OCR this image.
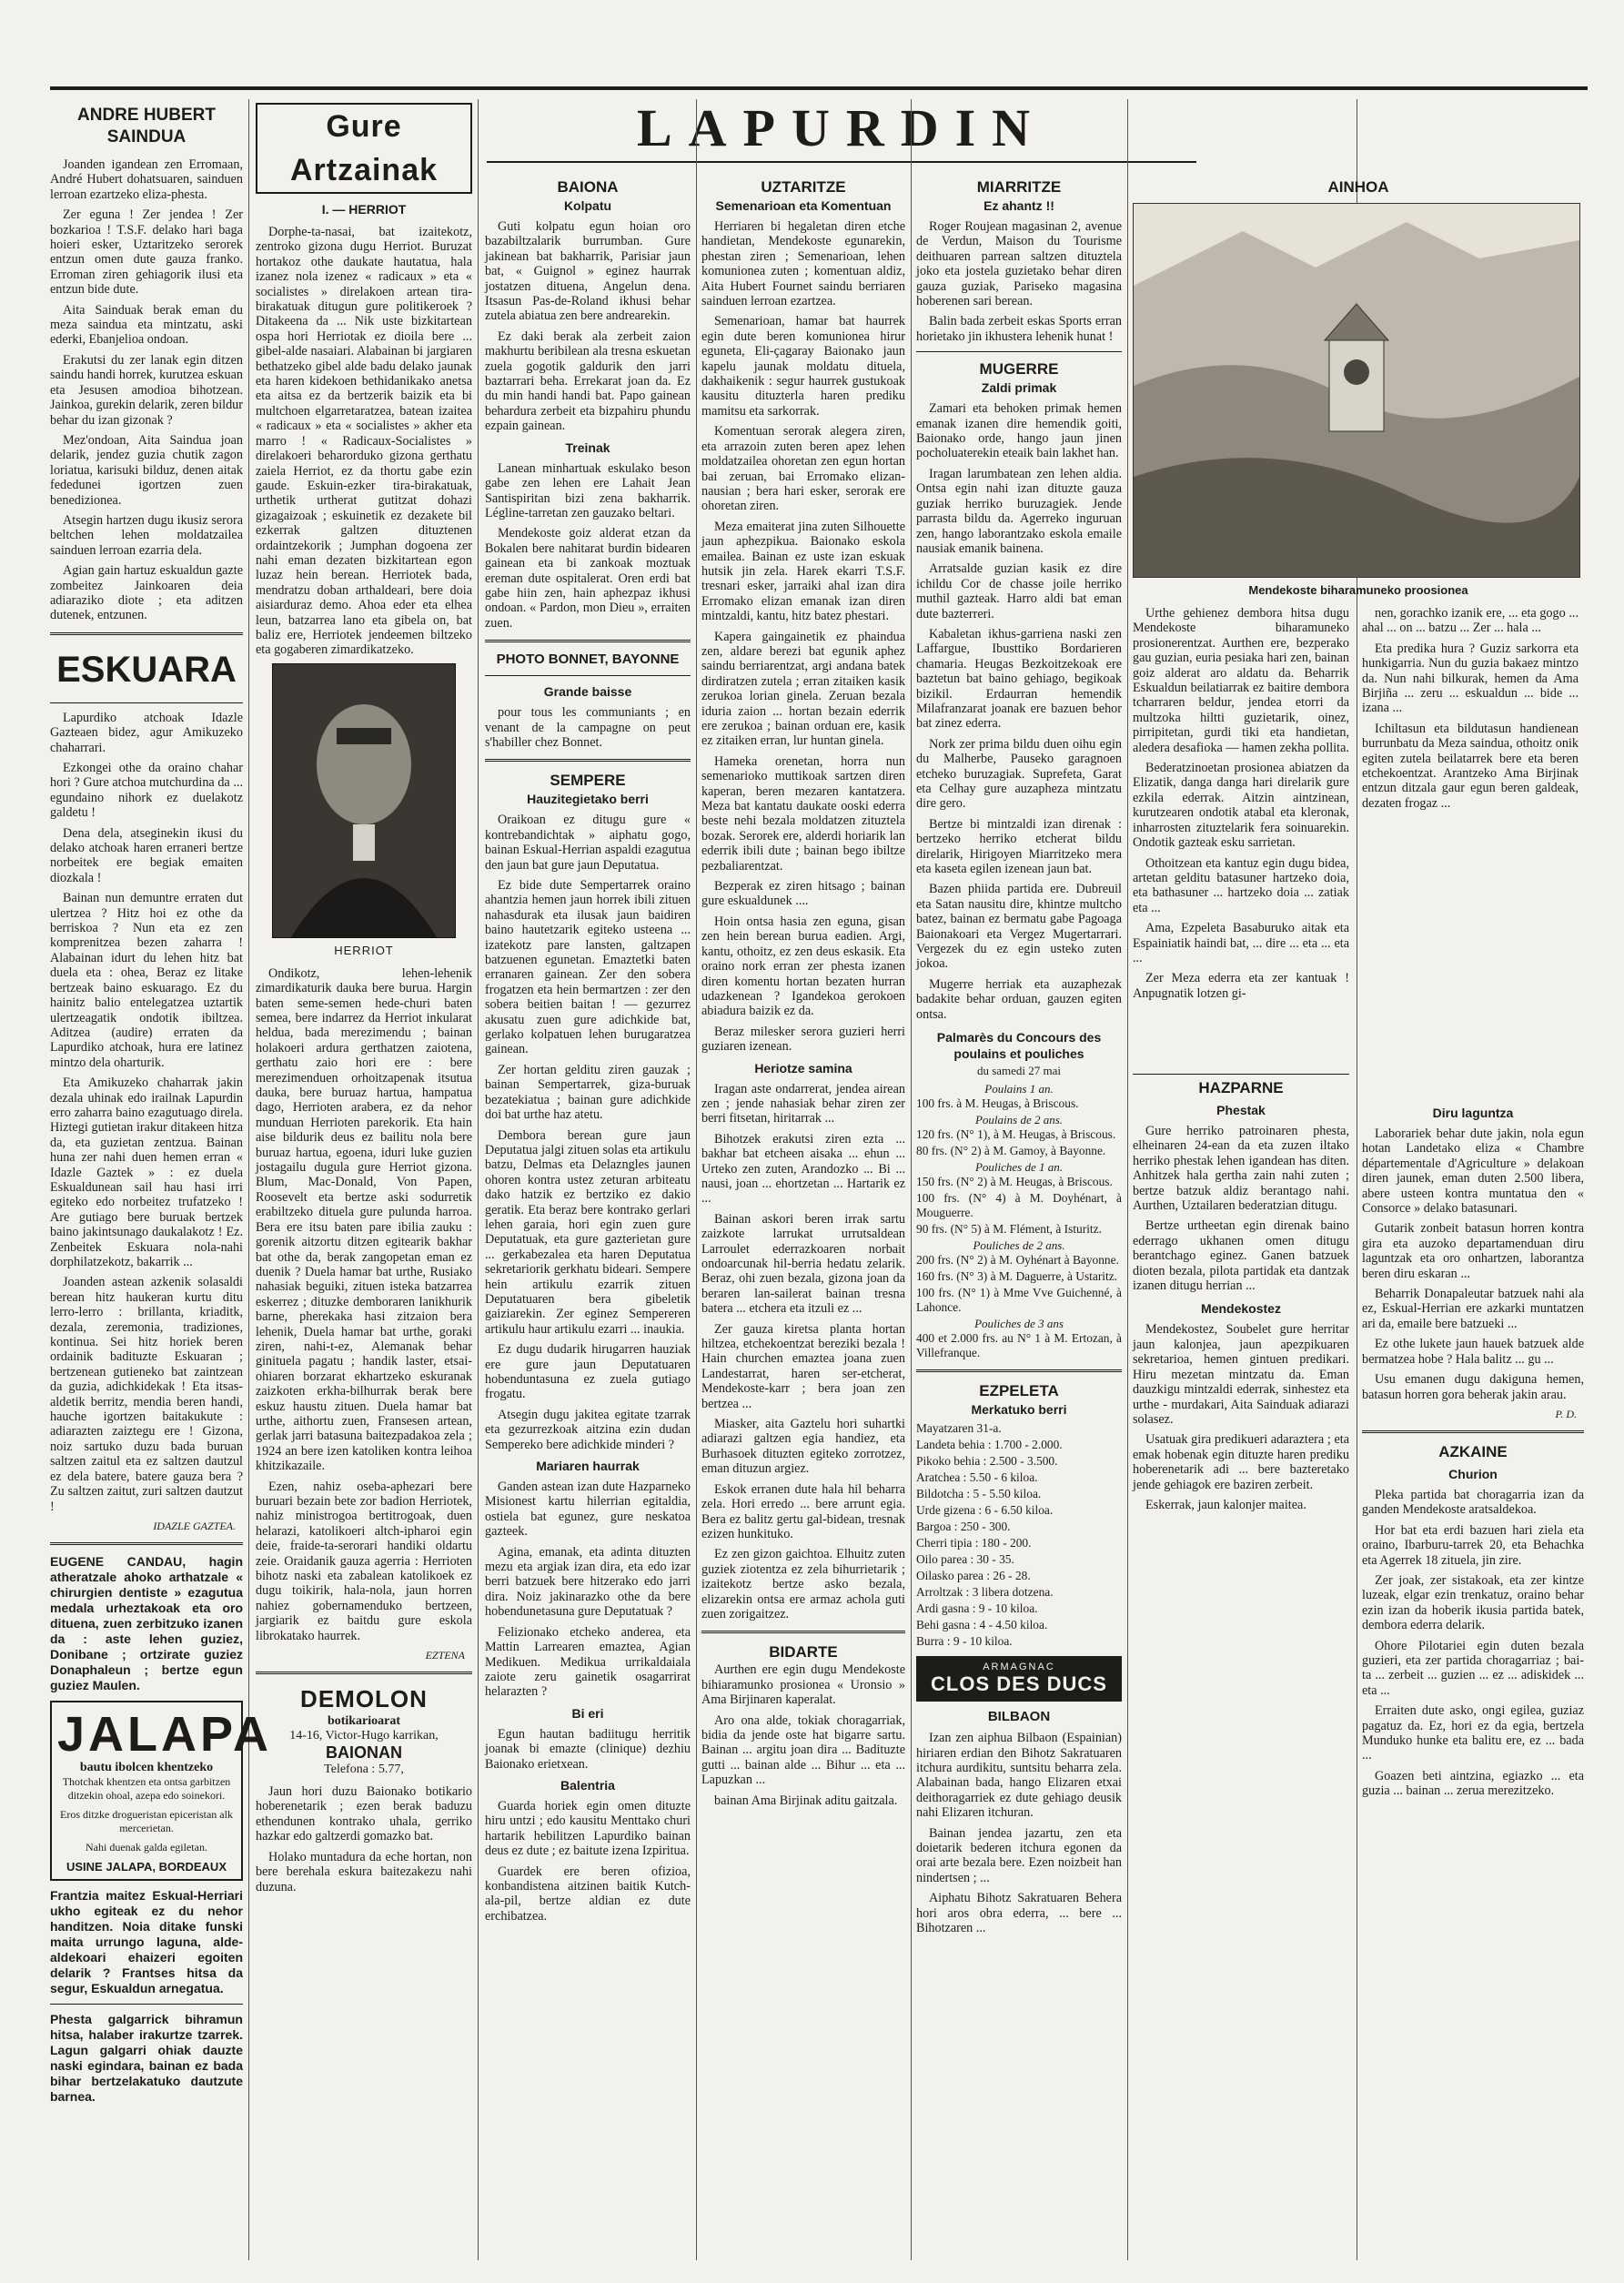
LAPURDIN
ANDRE HUBERT SAINDUA

Joanden igandean zen Erromaan, André Hubert dohatsuaren, sainduen lerroan ezartzeko eliza-phesta.

Zer eguna ! Zer jendea ! Zer bozkarioa ! T.S.F. delako hari baga hoieri esker, Uztaritzeko serorek entzun omen dute gauza franko. Erroman ziren gehiagorik ilusi eta entzun bide dute.

Aita Sainduak berak eman du meza saindua eta mintzatu, aski ederki, Ebanjelioa ondoan.

Erakutsi du zer lanak egin ditzen saindu handi horrek, kurutzea eskuan eta Jesusen amodioa bihotzean. Jainkoa, gurekin delarik, zeren bildur behar du izan gizonak ?

Mez'ondoan, Aita Saindua joan delarik, jendez guzia chutik zagon loriatua, karisuki bilduz, denen aitak fededunei igortzen zuen benedizionea.

Atsegin hartzen dugu ikusiz serora beltchen lehen moldatzailea sainduen lerroan ezarria dela.

Agian gain hartuz eskualdun gazte zombeitez Jainkoaren deia adiaraziko diote ; eta aditzen dutenek, entzunen.

ESKUARA

Lapurdiko atchoak Idazle Gazteaen bidez, agur Amikuzeko chaharrari.

Ezkongei othe da oraino chahar hori ? Gure atchoa mutchurdina da ... egundaino nihork ez duelakotz galdetu !

Dena dela, atseginekin ikusi du delako atchoak haren erraneri bertze norbeitek ere begiak emaiten diozkala !

Bainan nun demuntre erraten dut ulertzea ? Hitz hoi ez othe da berriskoa ? Nun eta ez zen komprenitzea bezen zaharra ! Alabainan idurt du lehen hitz bat duela eta : ohea, Beraz ez litake bertzeak baino eskuarago. Ez du hainitz balio entelegatzea uztartik ulertzeagatik ondotik ibiltzea. Aditzea (audire) erraten da Lapurdiko atchoak, hura ere latinez mintzo dela oharturik.

Eta Amikuzeko chaharrak jakin dezala uhinak edo irailnak Lapurdin erro zaharra baino ezagutuago direla. Hiztegi gutietan irakur ditakeen hitza da, eta guzietan zentzua. Bainan huna zer nahi duen hemen erran « Idazle Gaztek » : ez duela Eskualdunean sail hau hasi irri egiteko edo norbeitez trufatzeko ! Are gutiago bere buruak bertzek baino jakintsunago daukalakotz ! Ez. Zenbeitek Eskuara nola-nahi dorphilatzekotz, bakarrik ...

Joanden astean azkenik solasaldi berean hitz haukeran kurtu ditu lerro-lerro : brillanta, kriaditk, dezala, zeremonia, tradiziones, kontinua. Sei hitz horiek beren ordainik badituzte Eskuaran ; bertzenean gutieneko bat zaintzean da guzia, adichkidekak ! Eta itsas-aldetik berritz, mendia beren handi, hauche igortzen baitakukute : adiarazten zaiztegu ere ! Gizona, noiz sartuko duzu bada buruan saltzen zaitul eta ez saltzen dautzul ez dela batere, batere gauza bera ? Zu saltzen zaitut, zuri saltzen dautzut !

IDAZLE GAZTEA.

EUGENE CANDAU, hagin atheratzale ahoko arthatzale « chirurgien dentiste » ezagutua medala urheztakoak eta oro dituena, zuen zerbitzuko izanen da : aste lehen guziez, Donibane ; ortzirate guziez Donaphaleun ; bertze egun guziez Maulen.

JALAPA
bautu ibolcen khentzeko

Thotchak khentzen eta ontsa garbitzen ditzekin ohoal, azepa edo soinekori.

Eros ditzke drogueristan epiceristan alk mercerietan.

Nahi duenak galda egiletan.

USINE JALAPA, BORDEAUX

Frantzia maitez Eskual-Herriari ukho egiteak ez du nehor handitzen. Noia ditake funski maita urrungo laguna, alde-aldekoari ehaizeri egoiten delarik ? Frantses hitsa da segur, Eskualdun arnegatua.

Phesta galgarrick bihramun hitsa, halaber irakurtze tzarrek. Lagun galgarri ohiak dauzte naski egindara, bainan ez bada bihar bertzelakatuko dautzute barnea.

Gure Artzainak
I. — HERRIOT

Dorphe-ta-nasai, bat izaitekotz, zentroko gizona dugu Herriot. Buruzat hortakoz othe daukate hautatua, hala izanez nola izenez « radicaux » eta « socialistes » direlakoen artean tira-birakatuak ditugun gure politikeroek ? Ditakeena da ... Nik uste bizkitartean ospa hori Herriotak ez dioila bere ... gibel-alde nasaiari. Alabainan bi jargiaren bethatzeko gibel alde badu delako jaunak eta haren kidekoen bethidanikako anetsa eta aitsa ez da bertzerik baizik eta bi multchoen elgarretaratzea, batean izaitea « radicaux » eta « socialistes » akher eta marro ! « Radicaux-Socialistes » direlakoeri beharorduko gizona gerthatu zaiela Herriot, ez da thortu gabe ezin gaude. Eskuin-ezker tira-birakatuak, urthetik urtherat gutitzat dohazi gizagaizoak ; eskuinetik ez dezakete bil ezkerrak galtzen dituztenen ordaintzekorik ; Jumphan dogoena zer nahi eman dezaten bizkitartean egon luzaz hein berean. Herriotek bada, mendratzu doban arthaldeari, bere doia aisiarduraz demo. Ahoa eder eta elhea leun, batzarrea lano eta gibela on, bat baliz ere, Herriotek jendeemen biltzeko eta gogaberen zimardikatzeko.

HERRIOT

Ondikotz, lehen-lehenik zimardikaturik dauka bere burua. Hargin baten seme-semen hede-churi baten semea, bere indarrez da Herriot inkularat heldua, bada merezimendu ; bainan holakoeri ardura gerthatzen zaiotena, gerthatu zaio hori ere : bere merezimenduen orhoitzapenak itsutua dauka, bere buruaz hartua, hampatua dago, Herrioten arabera, ez da nehor munduan Herrioten parekorik. Eta hain aise bildurik deus ez bailitu nola bere buruaz hartua, egoena, iduri luke guzien jostagailu dugula gure Herriot gizona. Blum, Mac-Donald, Von Papen, Roosevelt eta bertze aski sodurretik erabiltzeko dituela gure pulunda harroa. Bera ere itsu baten pare ibilia zauku : gorenik aitzortu ditzen egitearik bakhar bat othe da, berak zangopetan eman ez duenik ? Duela hamar bat urthe, Rusiako nahasiak beguiki, zituen isteka batzarrea eskerrez ; dituzke demboraren lanikhurik barne, pherekaka hasi zitzaion bera lehenik, Duela hamar bat urthe, goraki ziren, nahi-t-ez, Alemanak behar ginituela pagatu ; handik laster, etsai-ohiaren borzarat ekhartzeko eskuranak zaizkoten erkha-bilhurrak berak bere eskuz haustu zituen. Duela hamar bat urthe, aithortu zuen, Fransesen artean, gerlak jarri batasuna baitezpadakoa zela ; 1924 an bere izen katoliken kontra leihoa khitzikazaile.

Ezen, nahiz oseba-aphezari bere buruari bezain bete zor badion Herriotek, nahiz ministrogoa bertitrogoak, duen helarazi, katolikoeri altch-ipharoi egin deie, fraide-ta-serorari handiki oldartu zeie. Oraidanik gauza agerria : Herrioten bihotz naski eta zabalean katolikoek ez dugu toikirik, hala-nola, jaun horren nahiez gobernamenduko bertzeen, jargiarik ez baitdu gure eskola librokatako haurrek.

EZTENA
DEMOLON
botikarioarat
14-16, Victor-Hugo karrikan,
BAIONAN
Telefona : 5.77,

Jaun hori duzu Baionako botikario hoberenetarik ; ezen berak baduzu ethendunen kontrako uhala, gerriko hazkar edo galtzerdi gomazko bat.

Holako muntadura da eche hortan, non bere berehala eskura baitezakezu nahi duzuna.

BAIONA
Kolpatu

Guti kolpatu egun hoian oro bazabiltzalarik burrumban. Gure jakinean bat bakharrik, Parisiar jaun bat, « Guignol » eginez haurrak jostatzen dituena, Angelun dena. Itsasun Pas-de-Roland ikhusi behar zutela abiatua zen bere andrearekin.

Ez daki berak ala zerbeit zaion makhurtu beribilean ala tresna eskuetan zuela gogotik galdurik den jarri baztarrari beha. Errekarat joan da. Ez du min handi handi bat. Papo gainean behardura zerbeit eta bizpahiru phundu ezpain gainean.

Treinak

Lanean minhartuak eskulako beson gabe zen lehen ere Lahait Jean Santispiritan bizi zena bakharrik. Légline-tarretan zen gauzako beltari.

Mendekoste goiz alderat etzan da Bokalen bere nahitarat burdin bidearen gainean eta bi zankoak moztuak ereman dute ospitalerat. Oren erdi bat gabe hiin zen, hain aphezpaz ikhusi ondoan. « Pardon, mon Dieu », erraiten zuen.

PHOTO BONNET, BAYONNE
Grande baisse

pour tous les communiants ; en venant de la campagne on peut s'habiller chez Bonnet.

SEMPERE
Hauzitegietako berri

Oraikoan ez ditugu gure « kontrebandichtak » aiphatu gogo, bainan Eskual-Herrian aspaldi ezagutua den jaun bat gure jaun Deputatua.

Ez bide dute Sempertarrek oraino ahantzia hemen jaun horrek ibili zituen nahasdurak eta ilusak jaun baidiren baino hautetzarik egiteko usteena ... izatekotz pare lansten, galtzapen batzuenen egunetan. Emaztetki baten erranaren gainean. Zer den sobera frogatzen eta hein bermartzen : zer den sobera beitien baitan ! — gezurrez akusatu zuen gure adichkide bat, gerlako kolpatuen lehen burugaratzea gainean.

Zer hortan gelditu ziren gauzak ; bainan Sempertarrek, giza-buruak bezatekiatua ; bainan gure adichkide doi bat urthe haz atetu.

Dembora berean gure jaun Deputatua jalgi zituen solas eta artikulu batzu, Delmas eta Delazngles jaunen ohoren kontra ustez zeturan arbiteatu dako hatzik ez bertziko ez dakio geratik. Eta beraz bere kontrako gerlari lehen garaia, hori egin zuen gure Deputatuak, eta gure gazterietan gure ... gerkabezalea eta haren Deputatua sekretariorik gerkhatu bideari. Sempere hein artikulu ezarrik zituen Deputatuaren bera gibeletik gaiziarekin. Zer eginez Sempereren artikulu haur artikulu ezarri ... inaukia.

Ez dugu dudarik hirugarren hauziak ere gure jaun Deputatuaren hobenduntasuna ez zuela gutiago frogatu.

Atsegin dugu jakitea egitate tzarrak eta gezurrezkoak aitzina ezin dudan Sempereko bere adichkide minderi ?

Mariaren haurrak

Ganden astean izan dute Hazparneko Misionest kartu hilerrian egitaldia, ostiela bat egunez, gure neskatoa gazteek.

Agina, emanak, eta adinta dituzten mezu eta argiak izan dira, eta edo izar berri batzuek bere hitzerako edo jarri dira. Noiz jakinarazko othe da bere hobendunetasuna gure Deputatuak ?

Felizionako etcheko anderea, eta Mattin Larrearen emaztea, Agian Medikuen. Medikua urrikaldaiala zaiote zeru gainetik osagarrirat helarazten ?

Bi eri

Egun hautan badiitugu herritik joanak bi emazte (clinique) dezhiu Baionako erietxean.

Balentria

Guarda horiek egin omen dituzte hiru untzi ; edo kausitu Menttako churi hartarik hebilitzen Lapurdiko bainan deus ez dute ; ez baitute izena Izpiritua.

Guardek ere beren ofizioa, konbandistena aitzinen baitik Kutch-ala-pil, bertze aldian ez dute erchibatzea.

UZTARITZE
Semenarioan eta Komentuan

Herriaren bi hegaletan diren etche handietan, Mendekoste egunarekin, phestan ziren ; Semenarioan, lehen komunionea zuten ; komentuan aldiz, Aita Hubert Fournet saindu berriaren sainduen lerroan ezartzea.

Semenarioan, hamar bat haurrek egin dute beren komunionea hirur eguneta, Eli-çagaray Baionako jaun kapelu jaunak moldatu dituela, dakhaikenik : segur haurrek gustukoak kausitu dituzterla haren prediku mamitsu eta sarkorrak.

Komentuan serorak alegera ziren, eta arrazoin zuten beren apez lehen moldatzailea ohoretan zen egun hortan bai zeruan, bai Erromako elizan-nausian ; bera hari esker, serorak ere ohoretan ziren.

Meza emaiterat jina zuten Silhouette jaun aphezpikua. Baionako eskola emailea. Bainan ez uste izan eskuak hutsik jin zela. Harek ekarri T.S.F. tresnari esker, jarraiki ahal izan dira Erromako elizan emanak izan diren mintzaldi, kantu, hitz batez phestari.

Kapera gaingainetik ez phaindua zen, aldare berezi bat egunik aphez saindu berriarentzat, argi andana batek dirdiratzen zutela ; erran zitaiken kasik zerukoa lorian ginela. Zeruan bezala iduria zaion ... hortan bezain ederrik ere zerukoa ; bainan orduan ere, kasik ez zitaiken erran, lur huntan ginela.

Hameka orenetan, horra nun semenarioko muttikoak sartzen diren kaperan, beren mezaren kantatzera. Meza bat kantatu daukate ooski ederra beste nehi bezala moldatzen zituztela bozak. Serorek ere, alderdi horiarik lan ederrik ibili dute ; bainan bego ibiltze pezbaliarentzat.

Bezperak ez ziren hitsago ; bainan gure eskualdunek ....

Hoin ontsa hasia zen eguna, gisan zen hein berean burua eadien. Argi, kantu, othoitz, ez zen deus eskasik. Eta oraino nork erran zer phesta izanen diren komentu hortan bezaten hurran udazkenean ? Igandekoa gerokoen abiadura baizik ez da.

Beraz milesker serora guzieri herri guziaren izenean.

Heriotze samina

Iragan aste ondarrerat, jendea airean zen ; jende nahasiak behar ziren zer berri fitsetan, hiritarrak ...

Bihotzek erakutsi ziren ezta ... bakhar bat etcheen aisaka ... ehun ... Urteko zen zuten, Arandozko ... Bi ... nausi, joan ... ehortzetan ... Hartarik ez ...

Bainan askori beren irrak sartu zaizkote larrukat urrutsaldean Larroulet ederrazkoaren norbait ondoarcunak hil-berria hedatu zelarik. Beraz, ohi zuen bezala, gizona joan da beraren lan-sailerat bainan tresna batera ... etchera eta itzuli ez ...

Zer gauza kiretsa planta hortan hiltzea, etchekoentzat bereziki bezala ! Hain churchen emaztea joana zuen Landestarrat, haren ser-etcherat, Mendekoste-karr ; bera joan zen bertzea ...

Miasker, aita Gaztelu hori suhartki adiarazi galtzen egia handiez, eta Burhasoek dituzten egiteko zorrotzez, eman dituzun argiez.

Eskok erranen dute hala hil beharra zela. Hori erredo ... bere arrunt egia. Bera ez balitz gertu gal-bidean, tresnak ezizen hunkituko.

Ez zen gizon gaichtoa. Elhuitz zuten guziek ziotentza ez zela bihurrietarik ; izaitekotz bertze asko bezala, elizarekin ontsa ere armaz achola guti zuen zorigaitzez.

BIDARTE

Aurthen ere egin dugu Mendekoste bihiaramunko prosionea « Uronsio » Ama Birjinaren kaperalat.

Aro ona alde, tokiak choragarriak, bidia da jende oste hat bigarre sartu. Bainan ... argitu joan dira ... Badituzte gutti ... bainan alde ... Bihur ... eta ... Lapuzkan ...

bainan Ama Birjinak aditu gaitzala.

MIARRITZE
Ez ahantz !!

Roger Roujean magasinan 2, avenue de Verdun, Maison du Tourisme deithuaren parrean saltzen dituztela joko eta jostela guzietako behar diren gauza guziak, Pariseko magasina hoberenen sari berean.

Balin bada zerbeit eskas Sports erran horietako jin ikhustera lehenik hunat !

MUGERRE
Zaldi primak

Zamari eta behoken primak hemen emanak izanen dire hemendik goiti, Baionako orde, hango jaun jinen pocholuaterekin eteaik bain lakhet han.

Iragan larumbatean zen lehen aldia. Ontsa egin nahi izan dituzte gauza guziak herriko buruzagiek. Jende parrasta bildu da. Agerreko inguruan zen, hango laborantzako eskola emaile nausiak emanik bainena.

Arratsalde guzian kasik ez dire ichildu Cor de chasse joile herriko muthil gazteak. Harro aldi bat eman dute bazterreri.

Kabaletan ikhus-garriena naski zen Laffargue, Ibusttiko Bordarieren chamaria. Heugas Bezkoitzekoak ere baztetun bat baino gehiago, begikoak bizikil. Erdaurran hemendik Milafranzarat joanak ere bazuen behor bat zinez ederra.

Nork zer prima bildu duen oihu egin du Malherbe, Pauseko garagnoen etcheko buruzagiak. Suprefeta, Garat eta Celhay gure auzapheza mintzatu dire gero.

Bertze bi mintzaldi izan direnak : bertzeko herriko etcherat bildu direlarik, Hirigoyen Miarritzeko mera eta kaseta egilen izenean jaun bat.

Bazen phiida partida ere. Dubreuil eta Satan nausitu dire, khintze multcho batez, bainan ez bermatu gabe Pagoaga Baionakoari eta Vergez Mugertarrari. Vergezek du ez egin usteko zuten jokoa.

Mugerre herriak eta auzaphezak badakite behar orduan, gauzen egiten ontsa.

Palmarès du Concours des poulains et pouliches
du samedi 27 mai
Poulains 1 an.

100 frs. à M. Heugas, à Briscous.

Poulains de 2 ans.

120 frs. (N° 1), à M. Heugas, à Briscous.

80 frs. (N° 2) à M. Gamoy, à Bayonne.

Pouliches de 1 an.

150 frs. (N° 2) à M. Heugas, à Briscous.

100 frs. (N° 4) à M. Doyhénart, à Mouguerre.

90 frs. (N° 5) à M. Flément, à Isturitz.

Pouliches de 2 ans.

200 frs. (N° 2) à M. Oyhénart à Bayonne.

160 frs. (N° 3) à M. Daguerre, à Ustaritz.

100 frs. (N° 1) à Mme Vve Guichenné, à Lahonce.

Pouliches de 3 ans

400 et 2.000 frs. au N° 1 à M. Ertozan, à Villefranque.

EZPELETA
Merkatuko berri

Mayatzaren 31-a.

Landeta behia : 1.700 - 2.000.

Pikoko behia : 2.500 - 3.500.

Aratchea : 5.50 - 6 kiloa.

Bildotcha : 5 - 5.50 kiloa.

Urde gizena : 6 - 6.50 kiloa.

Bargoa : 250 - 300.

Cherri tipia : 180 - 200.

Oilo parea : 30 - 35.

Oilasko parea : 26 - 28.

Arroltzak : 3 libera dotzena.

Ardi gasna : 9 - 10 kiloa.

Behi gasna : 4 - 4.50 kiloa.

Burra : 9 - 10 kiloa.

ARMAGNAC
CLOS DES DUCS
BILBAON

Izan zen aiphua Bilbaon (Espainian) hiriaren erdian den Bihotz Sakratuaren itchura aurdikitu, suntsitu beharra zela. Alabainan bada, hango Elizaren etxai deithoragarriek ez dute gehiago deusik nahi Elizaren itchuran.

Bainan jendea jazartu, zen eta doietarik bederen itchura egonen da orai arte bezala bere. Ezen noizbeit han nindertsen ; ...

Aiphatu Bihotz Sakratuaren Behera hori aros obra ederra, ... bere ... Bihotzaren ...

AINHOA
Mendekoste biharamuneko proosionea

Urthe gehienez dembora hitsa dugu Mendekoste biharamuneko prosionerentzat. Aurthen ere, bezperako gau guzian, euria pesiaka hari zen, bainan goiz alderat aro aldatu da. Beharrik Eskualdun beilatiarrak ez baitire dembora tcharraren beldur, jendea etorri da multzoka hiltti guzietarik, oinez, pirripitetan, gurdi tiki eta handietan, aledera desafioka — hamen zekha pollita.

Bederatzinoetan prosionea abiatzen da Elizatik, danga danga hari direlarik gure ezkila ederrak. Aitzin aintzinean, kurutzearen ondotik atabal eta kleronak, inharrosten zituztelarik fera soinuarekin. Ondotik gazteak esku sarrietan.

Othoitzean eta kantuz egin dugu bidea, artetan gelditu batasuner hartzeko doia, eta bathasuner ... hartzeko doia ... zatiak eta ...

Ama, Ezpeleta Basaburuko aitak eta Espainiatik haindi bat, ... dire ... eta ... eta ...

Zer Meza ederra eta zer kantuak ! Anpugnatik lotzen gi-

nen, gorachko izanik ere, ... eta gogo ... ahal ... on ... batzu ... Zer ... hala ...

Eta predika hura ? Guziz sarkorra eta hunkigarria. Nun du guzia bakaez mintzo da. Nun nahi bilkurak, hemen da Ama Birjiña ... zeru ... eskualdun ... bide ... izana ...

Ichiltasun eta bildutasun handienean burrunbatu da Meza saindua, othoitz onik egiten zutela beilatarrek bere eta beren etchekoentzat. Arantzeko Ama Birjinak entzun ditzala gaur egun beren galdeak, dezaten frogaz ...

HAZPARNE
Phestak

Gure herriko patroinaren phesta, elheinaren 24-ean da eta zuzen iltako herriko phestak lehen igandean has diten. Anhitzek hala gertha zain nahi zuten ; bertze batzuk aldiz berantago nahi. Aurthen, Uztailaren bederatzian ditugu.

Bertze urtheetan egin direnak baino ederrago ukhanen omen ditugu berantchago eginez. Ganen batzuek dioten bezala, pilota partidak eta dantzak izanen ditugu herrian ...

Mendekostez

Mendekostez, Soubelet gure herritar jaun kalonjea, jaun apezpikuaren sekretarioa, hemen gintuen predikari. Hiru mezetan mintzatu da. Eman dauzkigu mintzaldi ederrak, sinhestez eta urthe - murdakari, Aita Sainduak adiarazi solasez.

Usatuak gira predikueri adaraztera ; eta emak hobenak egin dituzte haren prediku hoberenetarik adi ... bere bazteretako jende gehiagok ere baziren zerbeit.

Eskerrak, jaun kalonjer maitea.

Diru laguntza

Laborariek behar dute jakin, nola egun hotan Landetako eliza « Chambre départementale d'Agriculture » delakoan diren jaunek, eman duten 2.500 libera, abere usteen kontra muntatua den « Consorce » delako batasunari.

Gutarik zonbeit batasun horren kontra gira eta auzoko departamenduan diru laguntzak eta oro onhartzen, laborantza beren diru eskaran ...

Beharrik Donapaleutar batzuek nahi ala ez, Eskual-Herrian ere azkarki muntatzen ari da, emaile bere batzueki ...

Ez othe lukete jaun hauek batzuek alde bermatzea hobe ? Hala balitz ... gu ...

Usu emanen dugu dakiguna hemen, batasun horren gora beherak jakin arau.

P. D.
AZKAINE
Churion

Pleka partida bat choragarria izan da ganden Mendekoste aratsaldekoa.

Hor bat eta erdi bazuen hari ziela eta oraino, Ibarburu-tarrek 20, eta Behachka eta Agerrek 18 zituela, jin zire.

Zer joak, zer sistakoak, eta zer kintze luzeak, elgar ezin trenkatuz, oraino behar ezin izan da hoberik ikusia partida batek, dembora ederra delarik.

Ohore Pilotariei egin duten bezala guzieri, eta zer partida choragarriaz ; bai-ta ... zerbeit ... guzien ... ez ... adiskidek ... eta ...

Erraiten dute asko, ongi egilea, guziaz pagatuz da. Ez, hori ez da egia, bertzela Munduko hunke eta balitu ere, ez ... bada ...

Goazen beti aintzina, egiazko ... eta guzia ... bainan ... zerua merezitzeko.
